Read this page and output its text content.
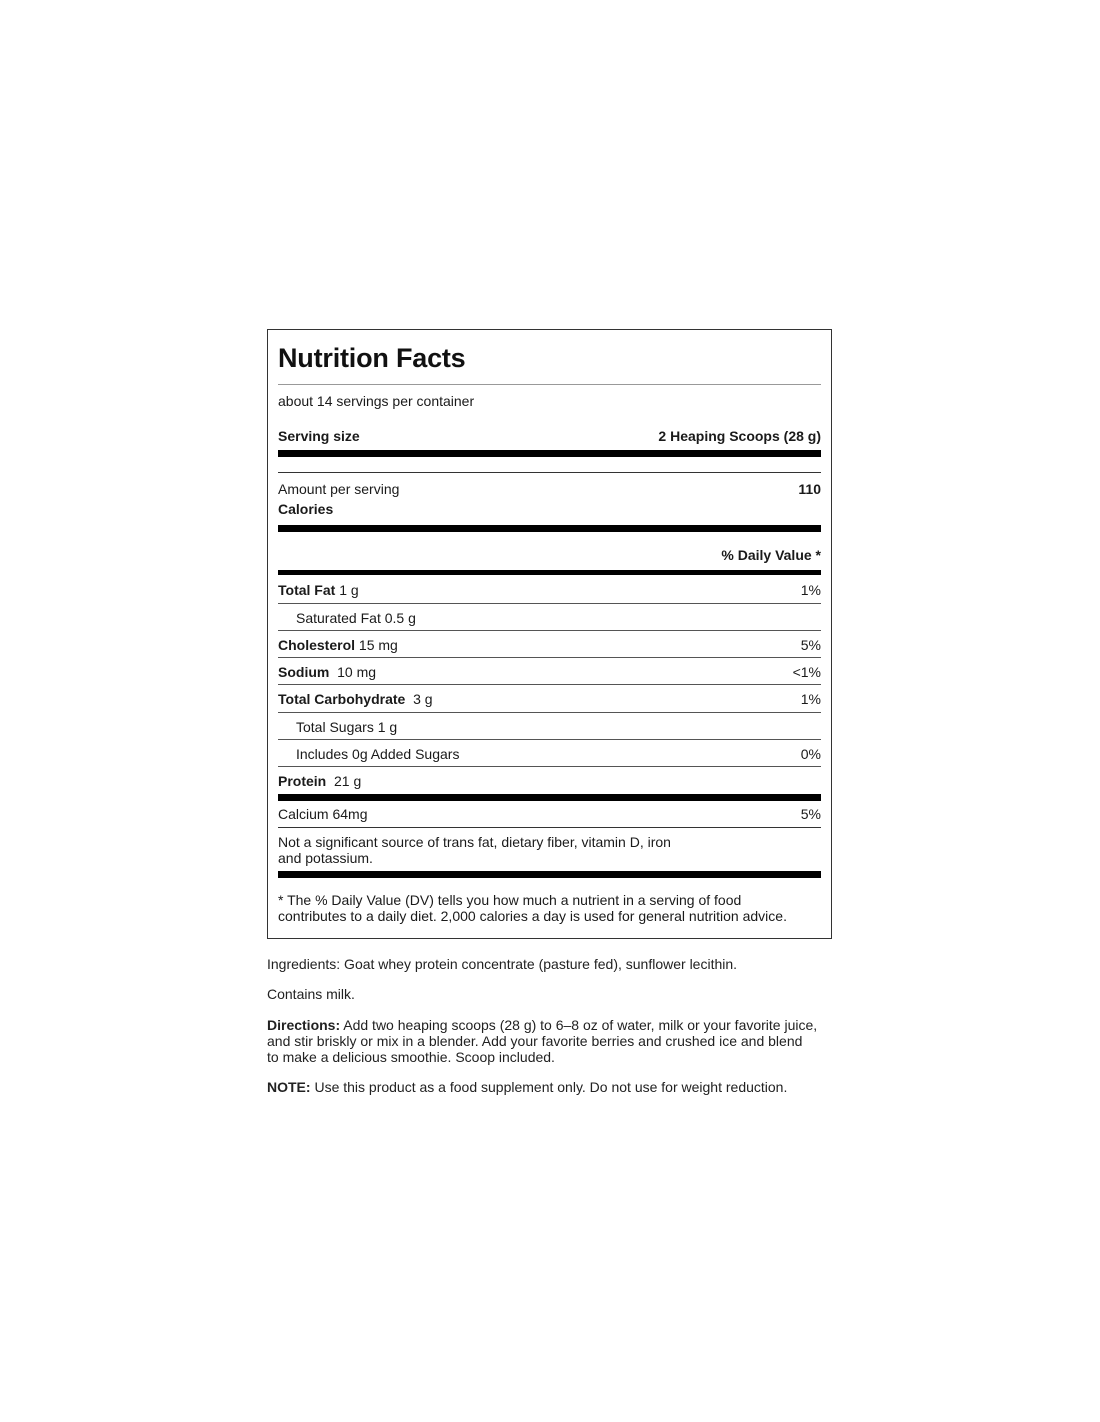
Nutrition Facts
about 14 servings per container
Serving size	2 Heaping Scoops (28 g)
Amount per serving	110
Calories
% Daily Value *
Total Fat 1 g	1%
Saturated Fat 0.5 g
Cholesterol 15 mg	5%
Sodium 10 mg	<1%
Total Carbohydrate 3 g	1%
Total Sugars 1 g
Includes 0g Added Sugars	0%
Protein 21 g
Calcium 64mg	5%
Not a significant source of trans fat, dietary fiber, vitamin D, iron
and potassium.
* The % Daily Value (DV) tells you how much a nutrient in a serving of food
contributes to a daily diet. 2,000 calories a day is used for general nutrition advice.
Ingredients: Goat whey protein concentrate (pasture fed), sunflower lecithin.
Contains milk.
Directions: Add two heaping scoops (28 g) to 6–8 oz of water, milk or your favorite juice,
and stir briskly or mix in a blender. Add your favorite berries and crushed ice and blend
to make a delicious smoothie. Scoop included.
NOTE: Use this product as a food supplement only. Do not use for weight reduction.
